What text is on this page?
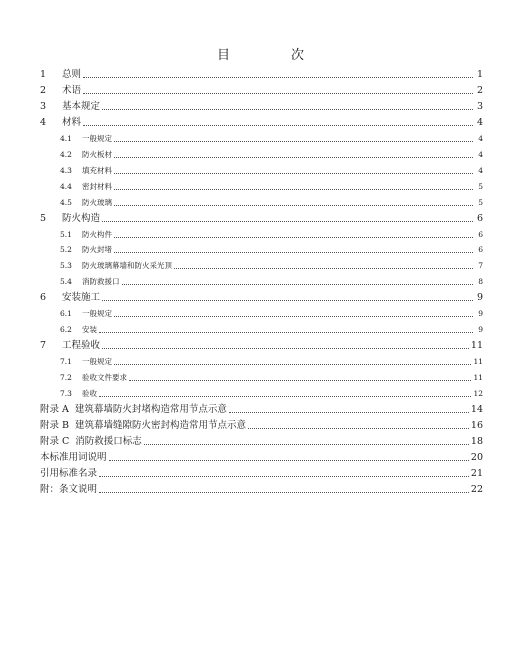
目　次
1	总则	1
2	术语	2
3	基本规定	3
4	材料	4
4.1	一般规定	4
4.2	防火板材	4
4.3	填充材料	4
4.4	密封材料	5
4.5	防火玻璃	5
5	防火构造	6
5.1	防火构件	6
5.2	防火封堵	6
5.3	防火玻璃幕墙和防火采光顶	7
5.4	消防救援口	8
6	安装施工	9
6.1	一般规定	9
6.2	安装	9
7	工程验收	11
7.1	一般规定	11
7.2	验收文件要求	11
7.3	验收	12
附录 A 建筑幕墙防火封堵构造常用节点示意	14
附录 B 建筑幕墙缝隙防火密封构造常用节点示意	16
附录 C 消防救援口标志	18
本标准用词说明	20
引用标准名录	21
附：条文说明	22
